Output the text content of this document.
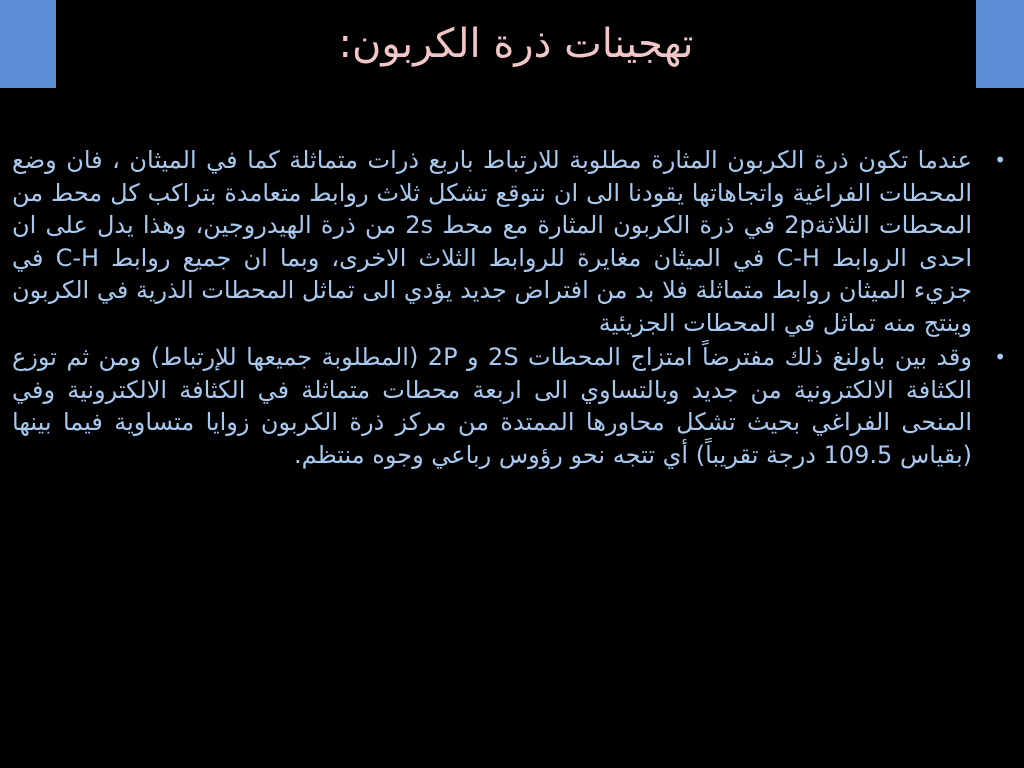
تهجينات ذرة الكربون:
•
عندما تكون ذرة الكربون المثارة مطلوبة للارتباط باربع ذرات متماثلة كما في الميثان ، فان وضع المحطات الفراغية واتجاهاتها يقودنا الى ان نتوقع تشكل ثلاث روابط متعامدة بتراكب كل محط من المحطات الثلاثة2p في ذرة الكربون المثارة مع محط 2s من ذرة الهيدروجين، وهذا يدل على ان احدى الروابط C-H في الميثان مغايرة للروابط الثلاث الاخرى، وبما ان جميع روابط C-H في جزيء الميثان روابط متماثلة فلا بد من افتراض جديد يؤدي الى تماثل المحطات الذرية في الكربون وينتج منه تماثل في المحطات الجزيئية
•
وقد بين باولنغ ذلك مفترضاً امتزاج المحطات 2S و 2P (المطلوبة جميعها للإرتباط) ومن ثم توزع الكثافة الالكترونية من جديد وبالتساوي الى اربعة محطات متماثلة في الكثافة الالكترونية وفي المنحى الفراغي بحيث تشكل محاورها الممتدة من مركز ذرة الكربون زوايا متساوية فيما بينها (بقياس 109.5 درجة تقريباً) أي تتجه نحو رؤوس رباعي وجوه منتظم.
